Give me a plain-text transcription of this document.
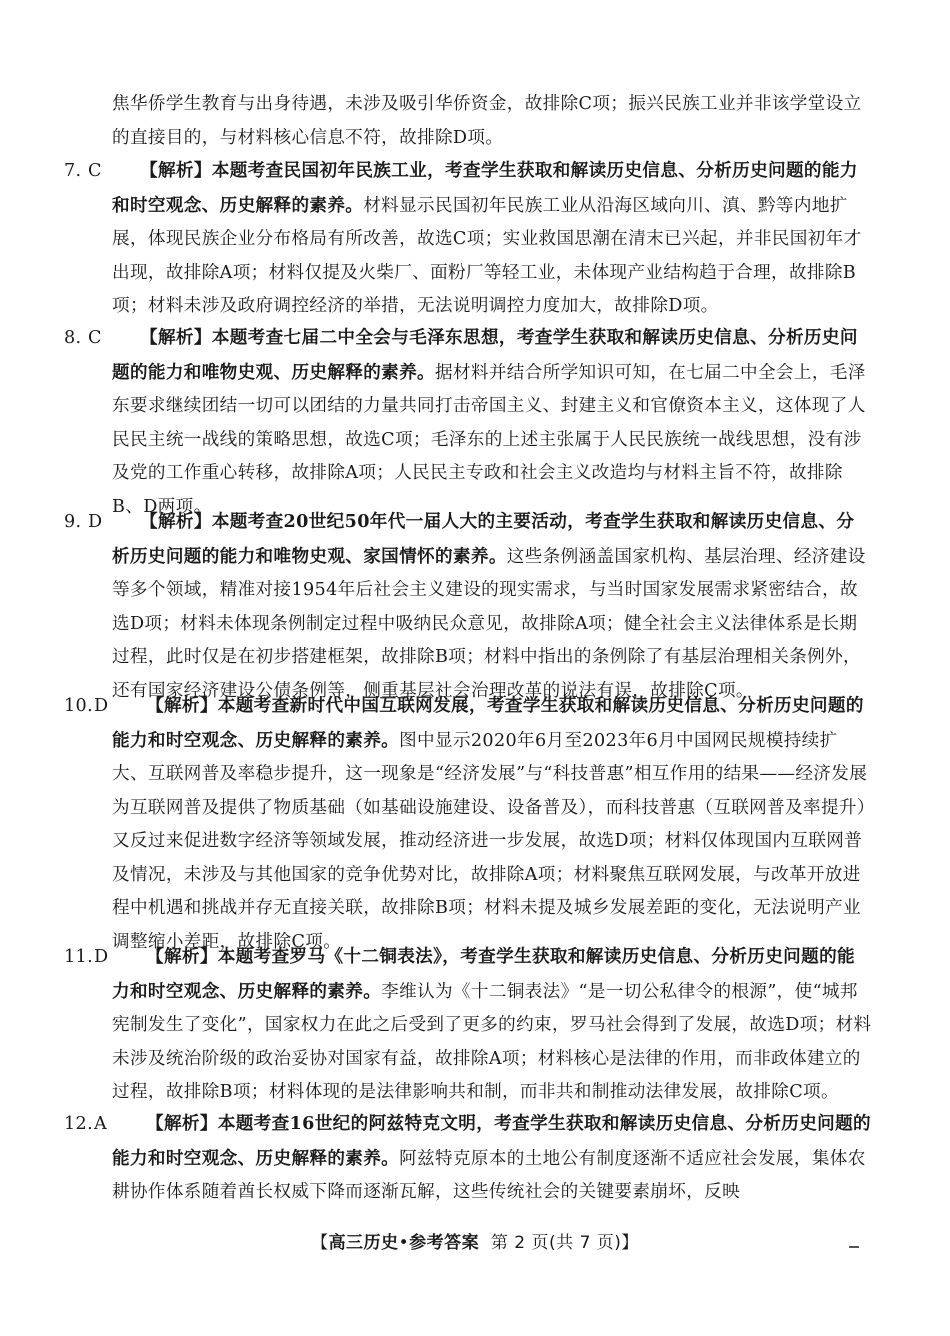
焦华侨学生教育与出身待遇，未涉及吸引华侨资金，故排除C项；振兴民族工业并非该学堂设立的直接目的，与材料核心信息不符，故排除D项。

7. C 【解析】本题考查民国初年民族工业，考查学生获取和解读历史信息、分析历史问题的能力和时空观念、历史解释的素养。材料显示民国初年民族工业从沿海区域向川、滇、黔等内地扩展，体现民族企业分布格局有所改善，故选C项；实业救国思潮在清末已兴起，并非民国初年才出现，故排除A项；材料仅提及火柴厂、面粉厂等轻工业，未体现产业结构趋于合理，故排除B项；材料未涉及政府调控经济的举措，无法说明调控力度加大，故排除D项。

8. C 【解析】本题考查七届二中全会与毛泽东思想，考查学生获取和解读历史信息、分析历史问题的能力和唯物史观、历史解释的素养。据材料并结合所学知识可知，在七届二中全会上，毛泽东要求继续团结一切可以团结的力量共同打击帝国主义、封建主义和官僚资本主义，这体现了人民民主统一战线的策略思想，故选C项；毛泽东的上述主张属于人民民族统一战线思想，没有涉及党的工作重心转移，故排除A项；人民民主专政和社会主义改造均与材料主旨不符，故排除B、D两项。

9. D 【解析】本题考查20世纪50年代一届人大的主要活动，考查学生获取和解读历史信息、分析历史问题的能力和唯物史观、家国情怀的素养。这些条例涵盖国家机构、基层治理、经济建设等多个领域，精准对接1954年后社会主义建设的现实需求，与当时国家发展需求紧密结合，故选D项；材料未体现条例制定过程中吸纳民众意见，故排除A项；健全社会主义法律体系是长期过程，此时仅是在初步搭建框架，故排除B项；材料中指出的条例除了有基层治理相关条例外，还有国家经济建设公债条例等，侧重基层社会治理改革的说法有误，故排除C项。

10.D 【解析】本题考查新时代中国互联网发展，考查学生获取和解读历史信息、分析历史问题的能力和时空观念、历史解释的素养。图中显示2020年6月至2023年6月中国网民规模持续扩大、互联网普及率稳步提升，这一现象是“经济发展”与“科技普惠”相互作用的结果——经济发展为互联网普及提供了物质基础（如基础设施建设、设备普及），而科技普惠（互联网普及率提升）又反过来促进数字经济等领域发展，推动经济进一步发展，故选D项；材料仅体现国内互联网普及情况，未涉及与其他国家的竞争优势对比，故排除A项；材料聚焦互联网发展，与改革开放进程中机遇和挑战并存无直接关联，故排除B项；材料未提及城乡发展差距的变化，无法说明产业调整缩小差距，故排除C项。

11.D 【解析】本题考查罗马《十二铜表法》，考查学生获取和解读历史信息、分析历史问题的能力和时空观念、历史解释的素养。李维认为《十二铜表法》“是一切公私律令的根源”，使“城邦宪制发生了变化”，国家权力在此之后受到了更多的约束，罗马社会得到了发展，故选D项；材料未涉及统治阶级的政治妥协对国家有益，故排除A项；材料核心是法律的作用，而非政体建立的过程，故排除B项；材料体现的是法律影响共和制，而非共和制推动法律发展，故排除C项。

12.A 【解析】本题考查16世纪的阿兹特克文明，考查学生获取和解读历史信息、分析历史问题的能力和时空观念、历史解释的素养。阿兹特克原本的土地公有制度逐渐不适应社会发展，集体农耕协作体系随着酋长权威下降而逐渐瓦解，这些传统社会的关键要素崩坏，反映

【高三历史•参考答案 第 2 页(共 7 页)】
